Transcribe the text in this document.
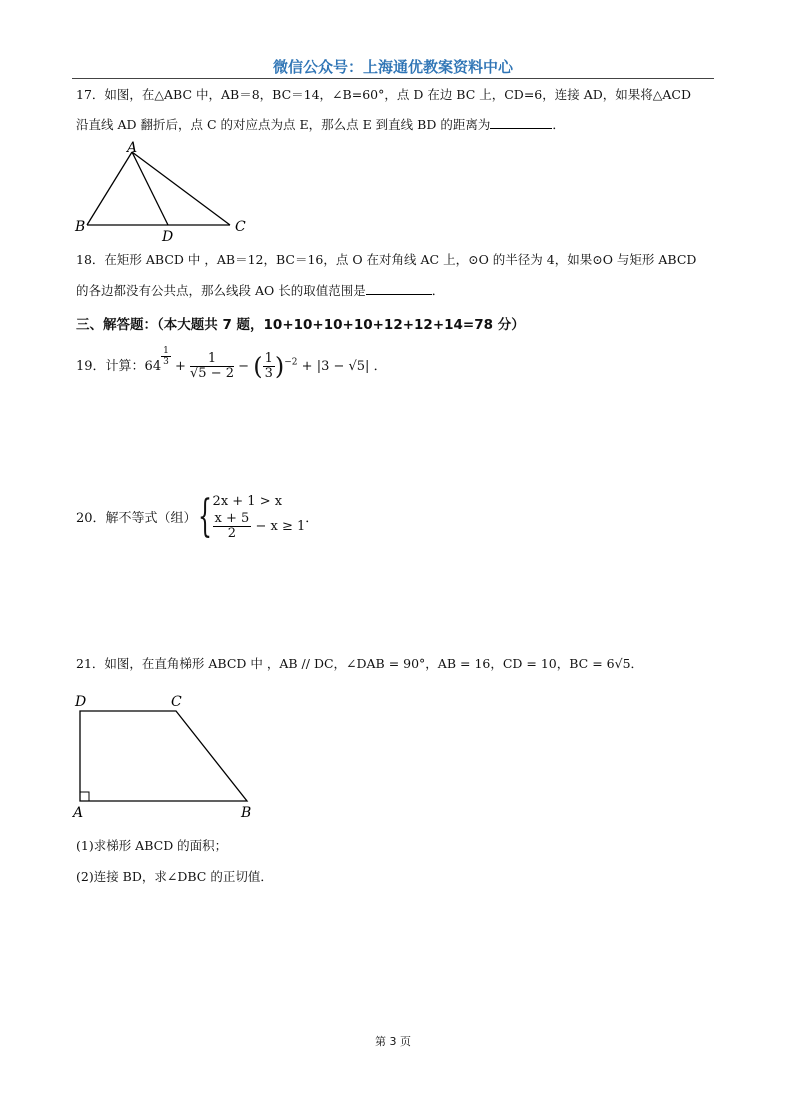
微信公众号：上海通优教案资料中心
17．如图，在△ABC 中，AB＝8，BC＝14，∠B=60°，点 D 在边 BC 上，CD=6，连接 AD，如果将△ACD
沿直线 AD 翻折后，点 C 的对应点为点 E，那么点 E 到直线 BD 的距离为	．
A
B	C
D
18．在矩形 ABCD 中 ，AB＝12，BC＝16，点 O 在对角线 AC 上，⊙O 的半径为 4，如果⊙O 与矩形 ABCD
的各边都没有公共点，那么线段 AO 长的取值范围是	．
三、解答题：（本大题共 7 题，10+10+10+10+12+12+14=78 分）
19．计算：$64 \frac{1}{3} + \frac{1}{√5 - 2}$ − ( $\frac{1}{3} )^{-2} + |3 - √5|$ ．
20．解不等式（组）{ 2x + 1 > x
$\frac{x + 5}{2} - x \ge 1$
．
21．如图，在直角梯形 ABCD 中 ，AB // DC，∠DAB = 90°，AB = 16，CD = 10，BC = 6√5．
D	C
A	B
(1)求梯形 ABCD 的面积；
(2)连接 BD，求∠DBC 的正切值．
第 3 页
